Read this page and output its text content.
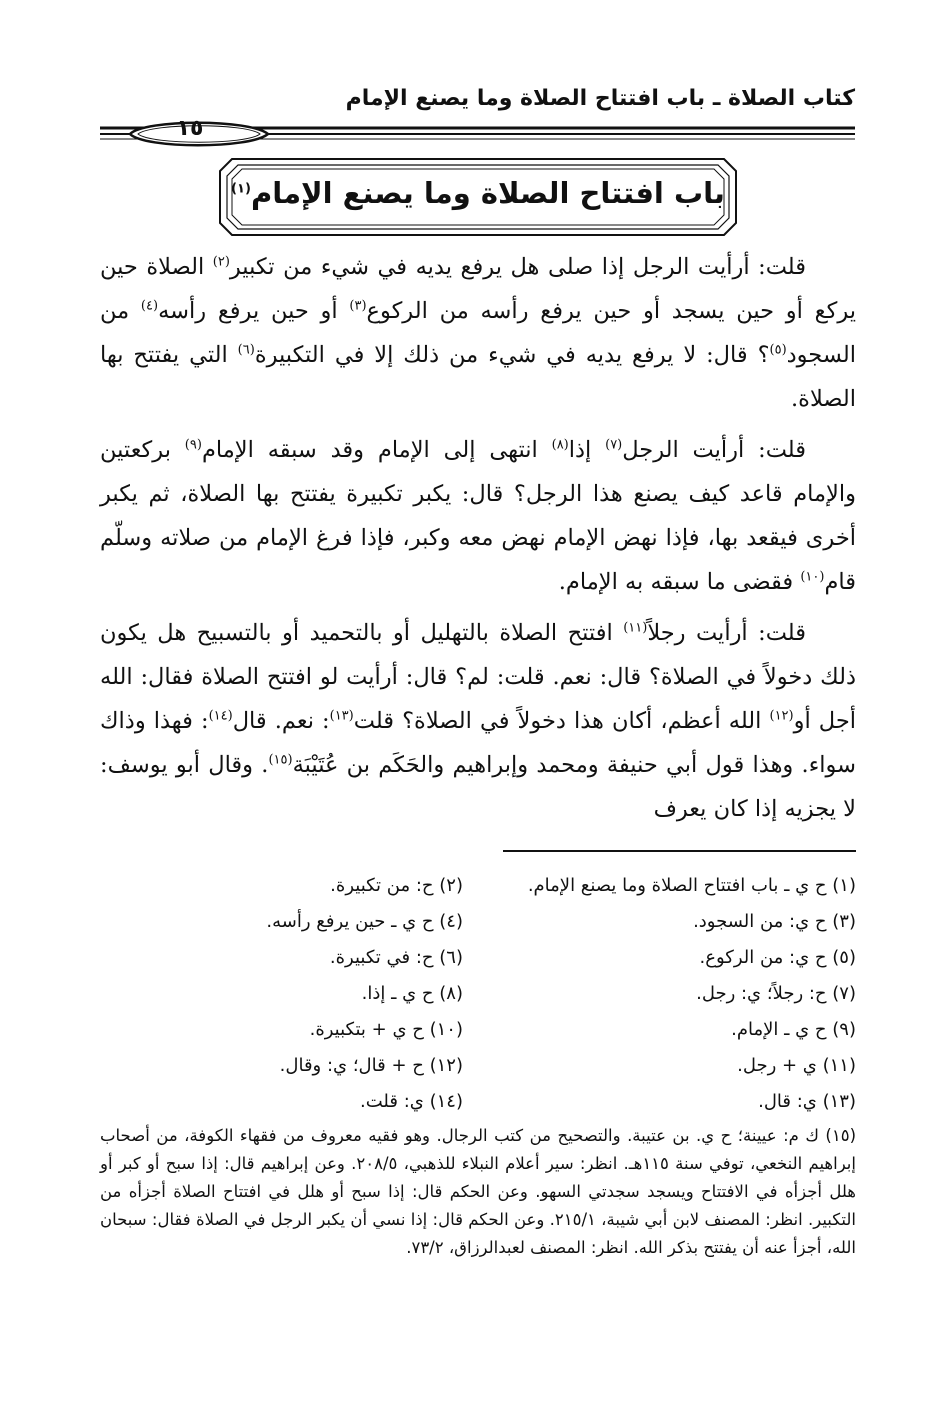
كتاب الصلاة ـ باب افتتاح الصلاة وما يصنع الإمام
١٥
باب افتتاح الصلاة وما يصنع الإمام$^{(١)}$

قلت: أرأيت الرجل إذا صلى هل يرفع يديه في شيء من تكبير$^{(٢)}$ الصلاة حين يركع أو حين يسجد أو حين يرفع رأسه من الركوع$^{(٣)}$ أو حين يرفع رأسه$^{(٤)}$ من السجود$^{(٥)}$؟ قال: لا يرفع يديه في شيء من ذلك إلا في التكبيرة$^{(٦)}$ التي يفتتح بها الصلاة.

قلت: أرأيت الرجل$^{(٧)}$ إذا$^{(٨)}$ انتهى إلى الإمام وقد سبقه الإمام$^{(٩)}$ بركعتين والإمام قاعد كيف يصنع هذا الرجل؟ قال: يكبر تكبيرة يفتتح بها الصلاة، ثم يكبر أخرى فيقعد بها، فإذا نهض الإمام نهض معه وكبر، فإذا فرغ الإمام من صلاته وسلّم قام$^{(١٠)}$ فقضى ما سبقه به الإمام.

قلت: أرأيت رجلاً$^{(١١)}$ افتتح الصلاة بالتهليل أو بالتحميد أو بالتسبيح هل يكون ذلك دخولاً في الصلاة؟ قال: نعم. قلت: لم؟ قال: أرأيت لو افتتح الصلاة فقال: الله أجل أو$^{(١٢)}$ الله أعظم، أكان هذا دخولاً في الصلاة؟ قلت$^{(١٣)}$: نعم. قال$^{(١٤)}$: فهذا وذاك سواء. وهذا قول أبي حنيفة ومحمد وإبراهيم والحَكَم بن عُتَيْبَة$^{(١٥)}$. وقال أبو يوسف: لا يجزيه إذا كان يعرف

(١) ح ي ـ باب افتتاح الصلاة وما يصنع الإمام.
(٢) ح: من تكبيرة.
(٣) ح ي: من السجود.
(٤) ح ي ـ حين يرفع رأسه.
(٥) ح ي: من الركوع.
(٦) ح: في تكبيرة.
(٧) ح: رجلاً؛ ي: رجل.
(٨) ح ي ـ إذا.
(٩) ح ي ـ الإمام.
(١٠) ح ي + بتكبيرة.
(١١) ي + رجل.
(١٢) ح + قال؛ ي: وقال.
(١٣) ي: قال.
(١٤) ي: قلت.
(١٥) ك م: عيينة؛ ح ي. بن عتيبة. والتصحيح من كتب الرجال. وهو فقيه معروف من فقهاء الكوفة، من أصحاب إبراهيم النخعي، توفي سنة ١١٥هـ. انظر: سير أعلام النبلاء للذهبي، ٢٠٨/٥. وعن إبراهيم قال: إذا سبح أو كبر أو هلل أجزأه في الافتتاح ويسجد سجدتي السهو. وعن الحكم قال: إذا سبح أو هلل في افتتاح الصلاة أجزأه من التكبير. انظر: المصنف لابن أبي شيبة، ٢١٥/١. وعن الحكم قال: إذا نسي أن يكبر الرجل في الصلاة فقال: سبحان الله، أجزأ عنه أن يفتتح بذكر الله. انظر: المصنف لعبدالرزاق، ٧٣/٢.
